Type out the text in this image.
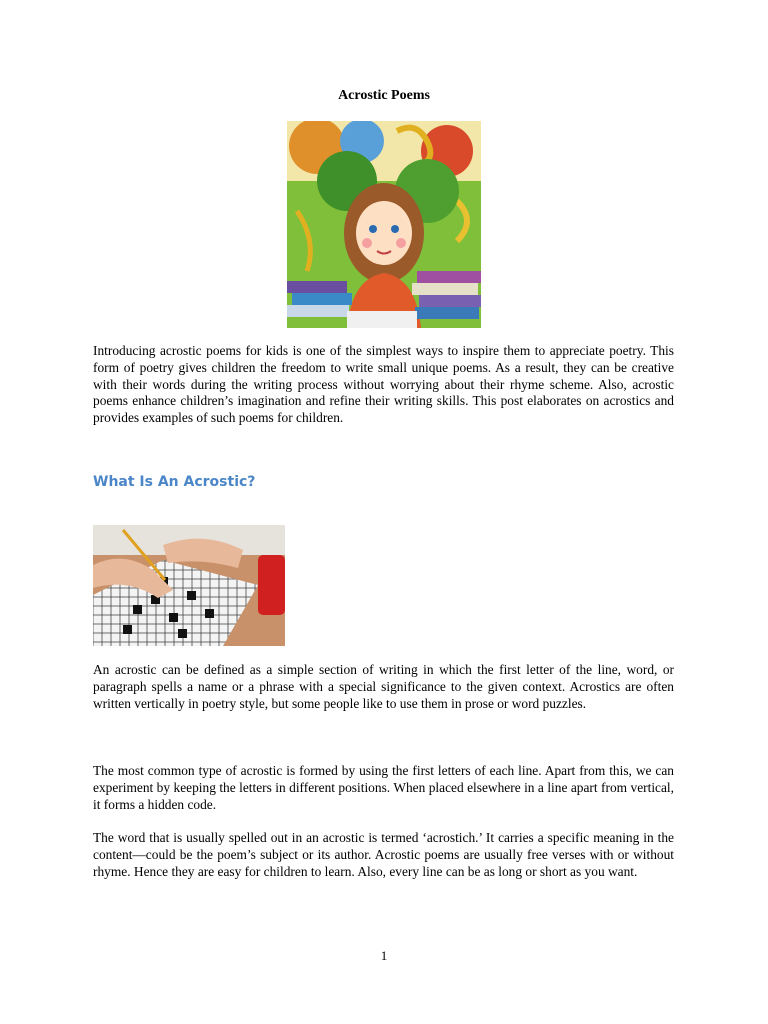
Acrostic Poems

Introducing acrostic poems for kids is one of the simplest ways to inspire them to appreciate poetry. This form of poetry gives children the freedom to write small unique poems. As a result, they can be creative with their words during the writing process without worrying about their rhyme scheme. Also, acrostic poems enhance children’s imagination and refine their writing skills. This post elaborates on acrostics and provides examples of such poems for children.

What Is An Acrostic?

An acrostic can be defined as a simple section of writing in which the first letter of the line, word, or paragraph spells a name or a phrase with a special significance to the given context. Acrostics are often written vertically in poetry style, but some people like to use them in prose or word puzzles.

The most common type of acrostic is formed by using the first letters of each line. Apart from this, we can experiment by keeping the letters in different positions. When placed elsewhere in a line apart from vertical, it forms a hidden code.

The word that is usually spelled out in an acrostic is termed ‘acrostich.’ It carries a specific meaning in the content—could be the poem’s subject or its author. Acrostic poems are usually free verses with or without rhyme. Hence they are easy for children to learn. Also, every line can be as long or short as you want.

1
